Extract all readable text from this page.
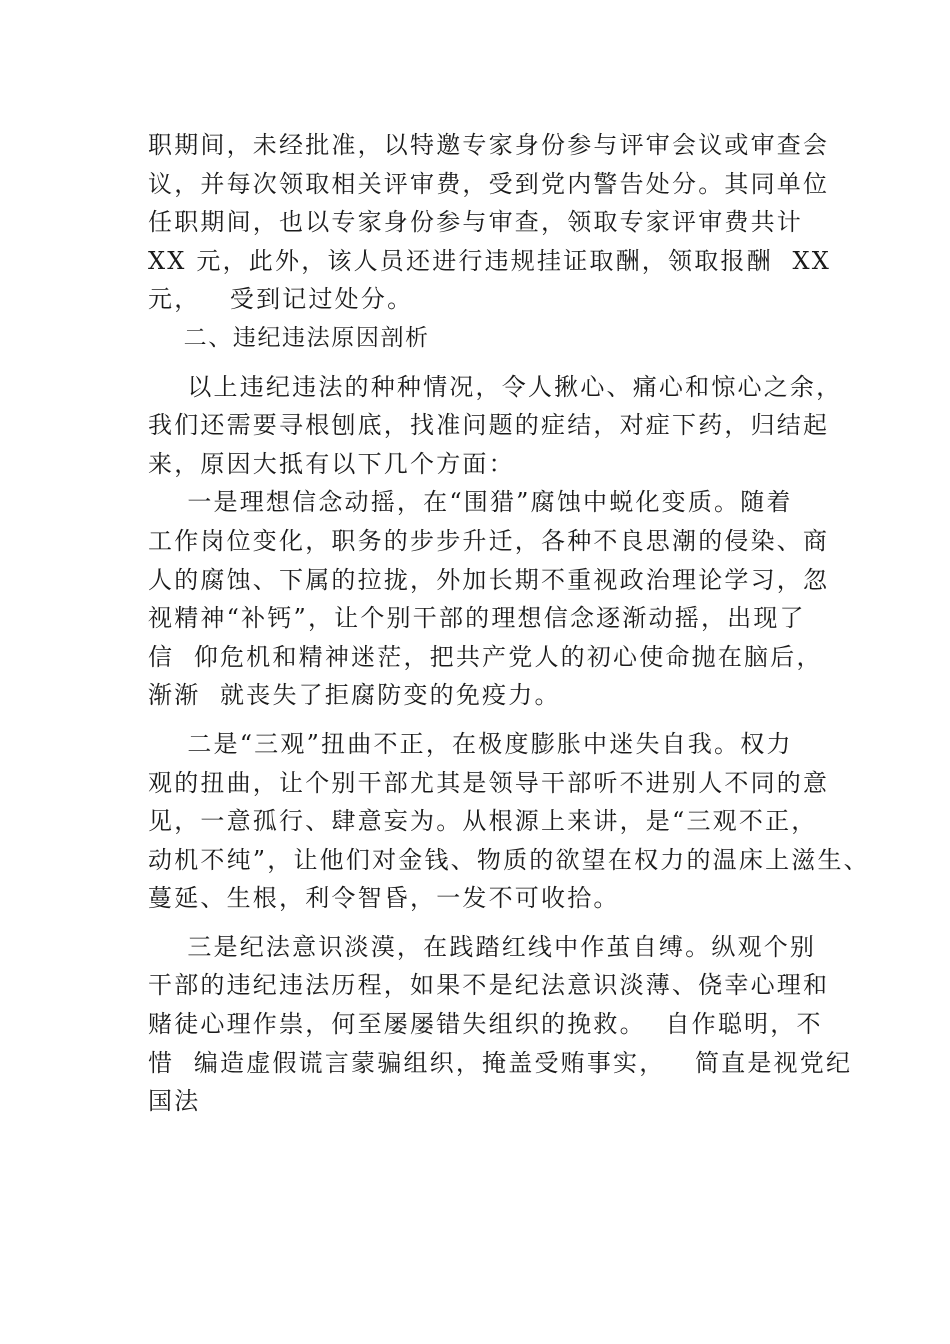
职期间，未经批准，以特邀专家身份参与评审会议或审查会
议，并每次领取相关评审费，受到党内警告处分。其同单位
任职期间，也以专家身份参与审查，领取专家评审费共计
XX 元，此外，该人员还进行违规挂证取酬，领取报酬  XX
元，   受到记过处分。
二、违纪违法原因剖析
以上违纪违法的种种情况，令人揪心、痛心和惊心之余，
我们还需要寻根刨底，找准问题的症结，对症下药，归结起
来，原因大抵有以下几个方面：
一是理想信念动摇，在“围猎”腐蚀中蜕化变质。随着
工作岗位变化，职务的步步升迁，各种不良思潮的侵染、商
人的腐蚀、下属的拉拢，外加长期不重视政治理论学习，忽
视精神“补钙”，让个别干部的理想信念逐渐动摇，出现了
信  仰危机和精神迷茫，把共产党人的初心使命抛在脑后，
渐渐  就丧失了拒腐防变的免疫力。
二是“三观”扭曲不正，在极度膨胀中迷失自我。权力
观的扭曲，让个别干部尤其是领导干部听不进别人不同的意
见，一意孤行、肆意妄为。从根源上来讲，是“三观不正，
动机不纯”，让他们对金钱、物质的欲望在权力的温床上滋生、
蔓延、生根，利令智昏，一发不可收拾。
三是纪法意识淡漠，在践踏红线中作茧自缚。纵观个别
干部的违纪违法历程，如果不是纪法意识淡薄、侥幸心理和
赌徒心理作祟，何至屡屡错失组织的挽救。  自作聪明，不
惜  编造虚假谎言蒙骗组织，掩盖受贿事实，   简直是视党纪
国法
